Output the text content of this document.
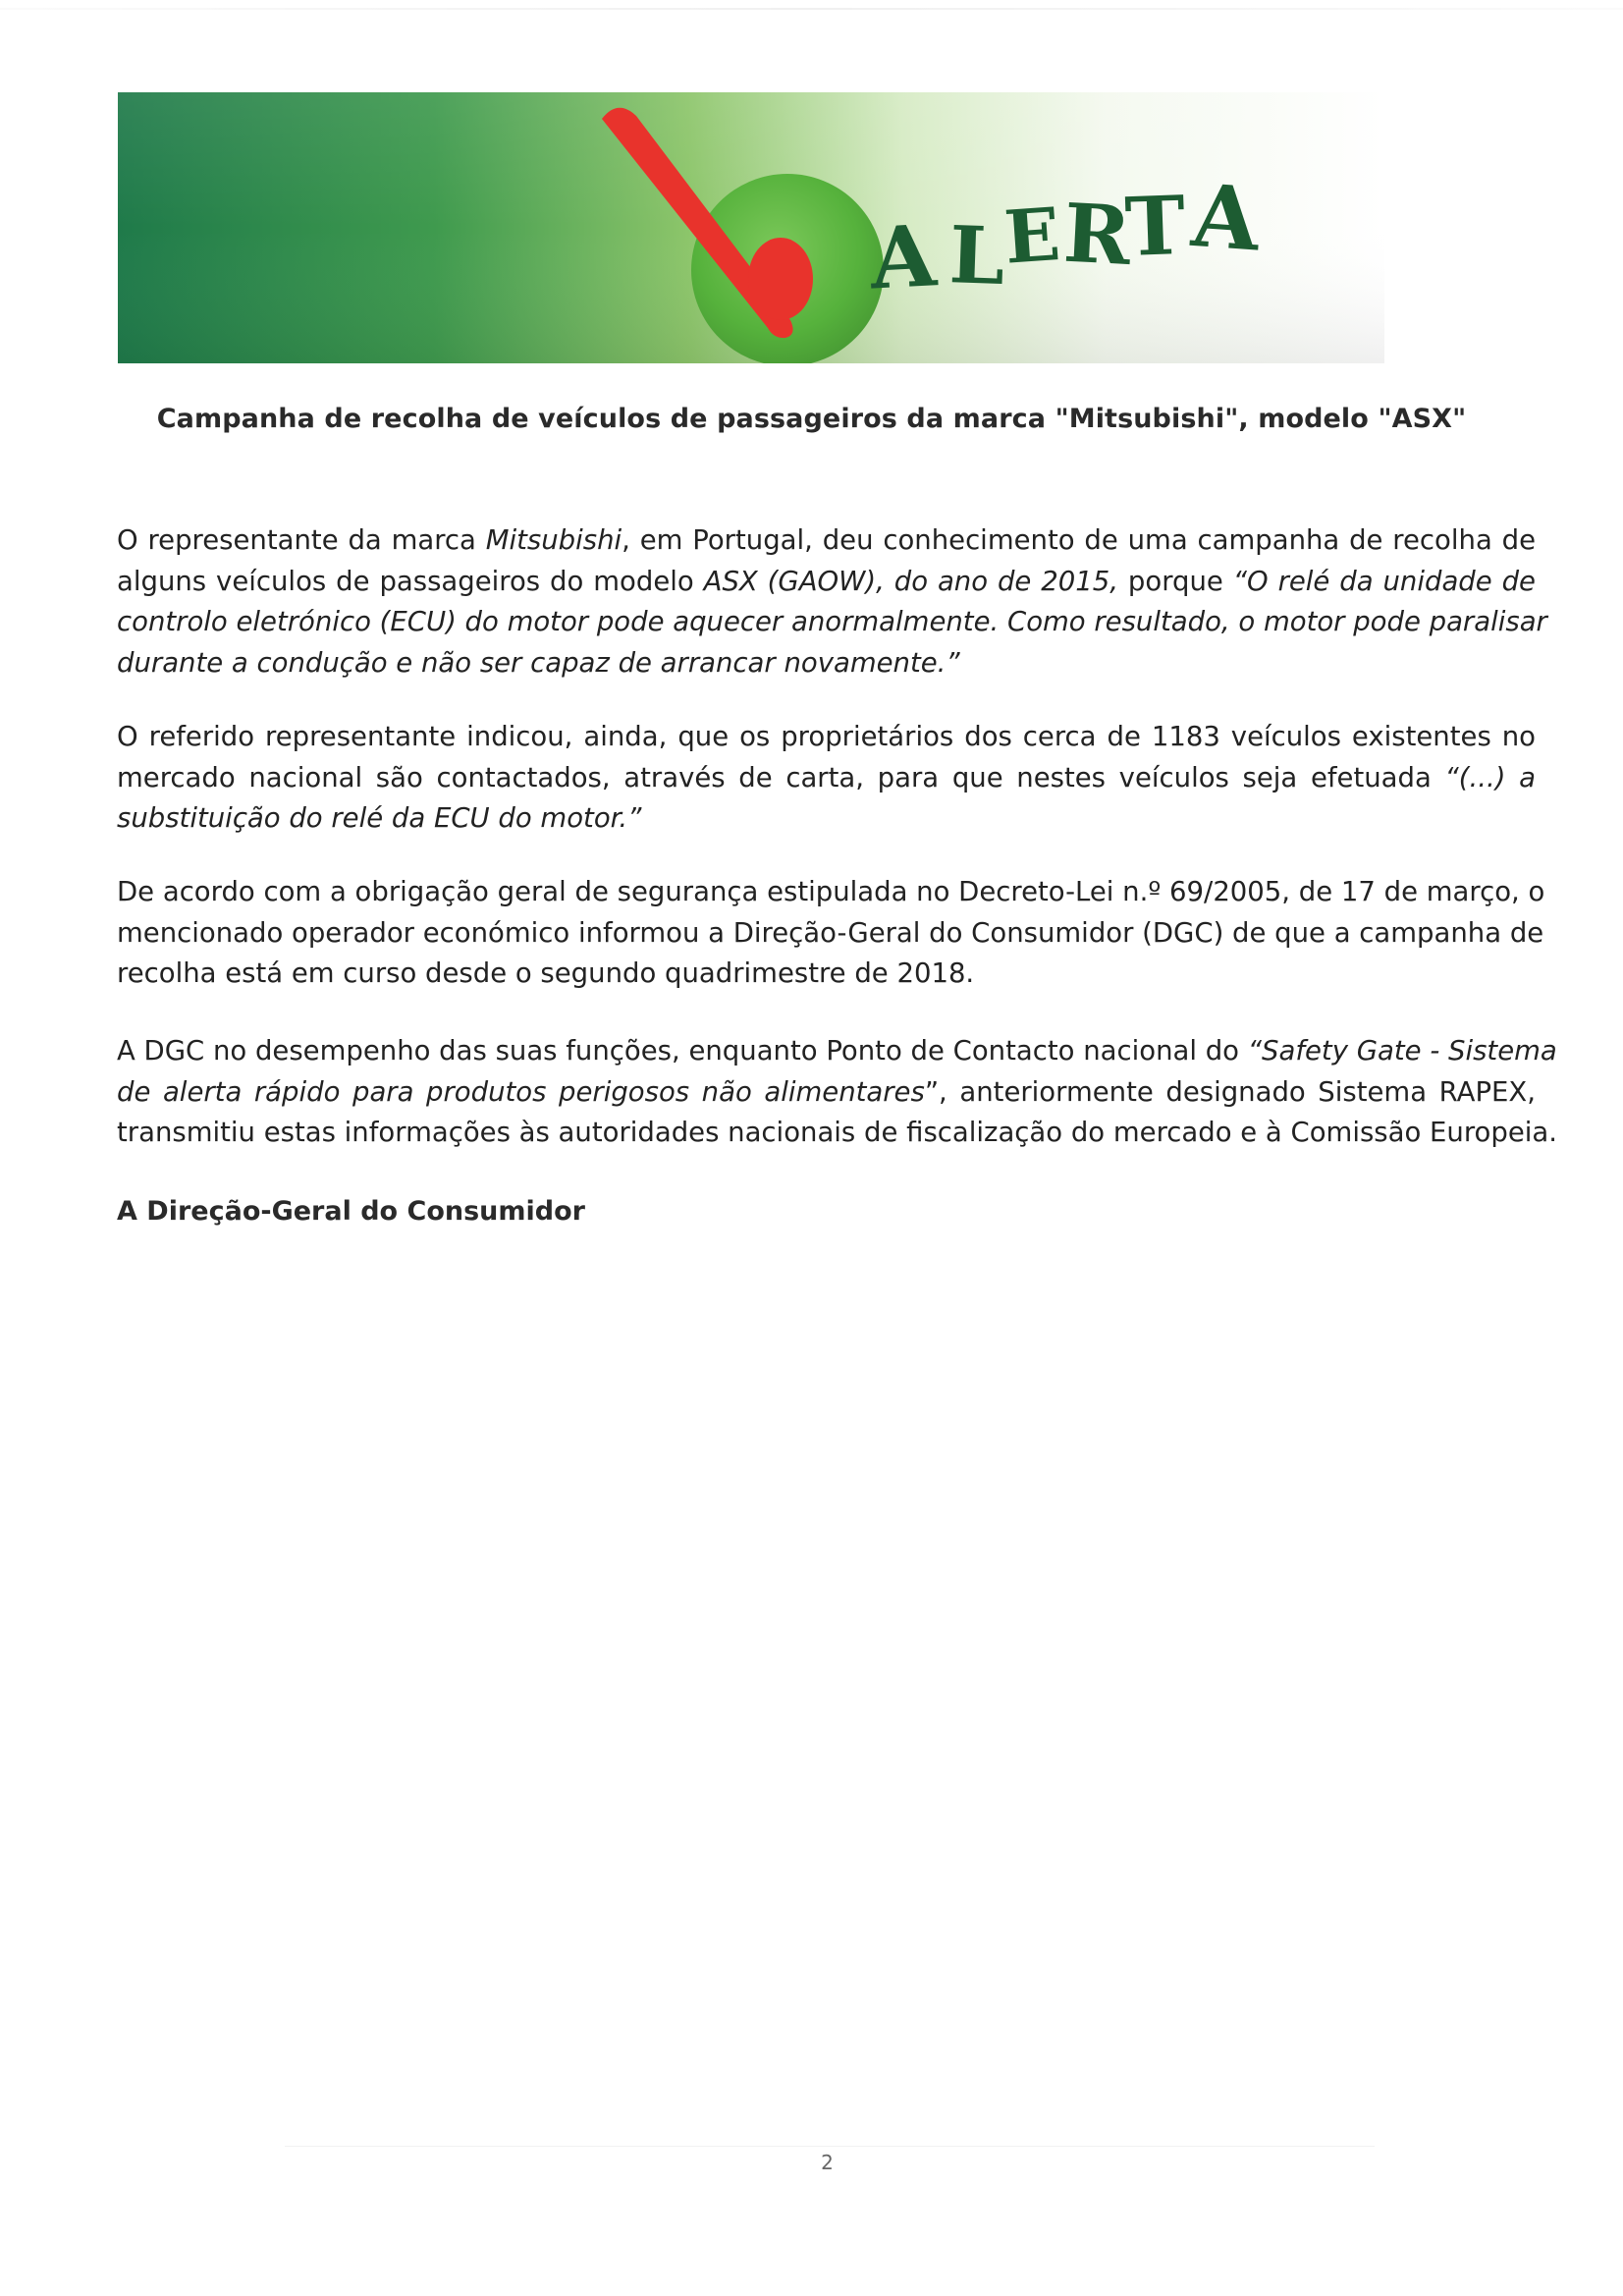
A L
E
R
T A
Campanha de recolha de veículos de passageiros da marca "Mitsubishi", modelo "ASX"
O representante da marca Mitsubishi, em Portugal, deu conhecimento de uma campanha de recolha de
alguns veículos de passageiros do modelo ASX (GAOW), do ano de 2015, porque “O relé da unidade de
controlo eletrónico (ECU) do motor pode aquecer anormalmente. Como resultado, o motor pode paralisar
durante a condução e não ser capaz de arrancar novamente.”
O referido representante indicou, ainda, que os proprietários dos cerca de 1183 veículos existentes no
mercado nacional são contactados, através de carta, para que nestes veículos seja efetuada “(...) a
substituição do relé da ECU do motor.”
De acordo com a obrigação geral de segurança estipulada no Decreto-Lei n.º 69/2005, de 17 de março, o
mencionado operador económico informou a Direção-Geral do Consumidor (DGC) de que a campanha de
recolha está em curso desde o segundo quadrimestre de 2018.
A DGC no desempenho das suas funções, enquanto Ponto de Contacto nacional do “Safety Gate - Sistema
de alerta rápido para produtos perigosos não alimentares”, anteriormente designado Sistema RAPEX,
transmitiu estas informações às autoridades nacionais de fiscalização do mercado e à Comissão Europeia.
A Direção-Geral do Consumidor
2
